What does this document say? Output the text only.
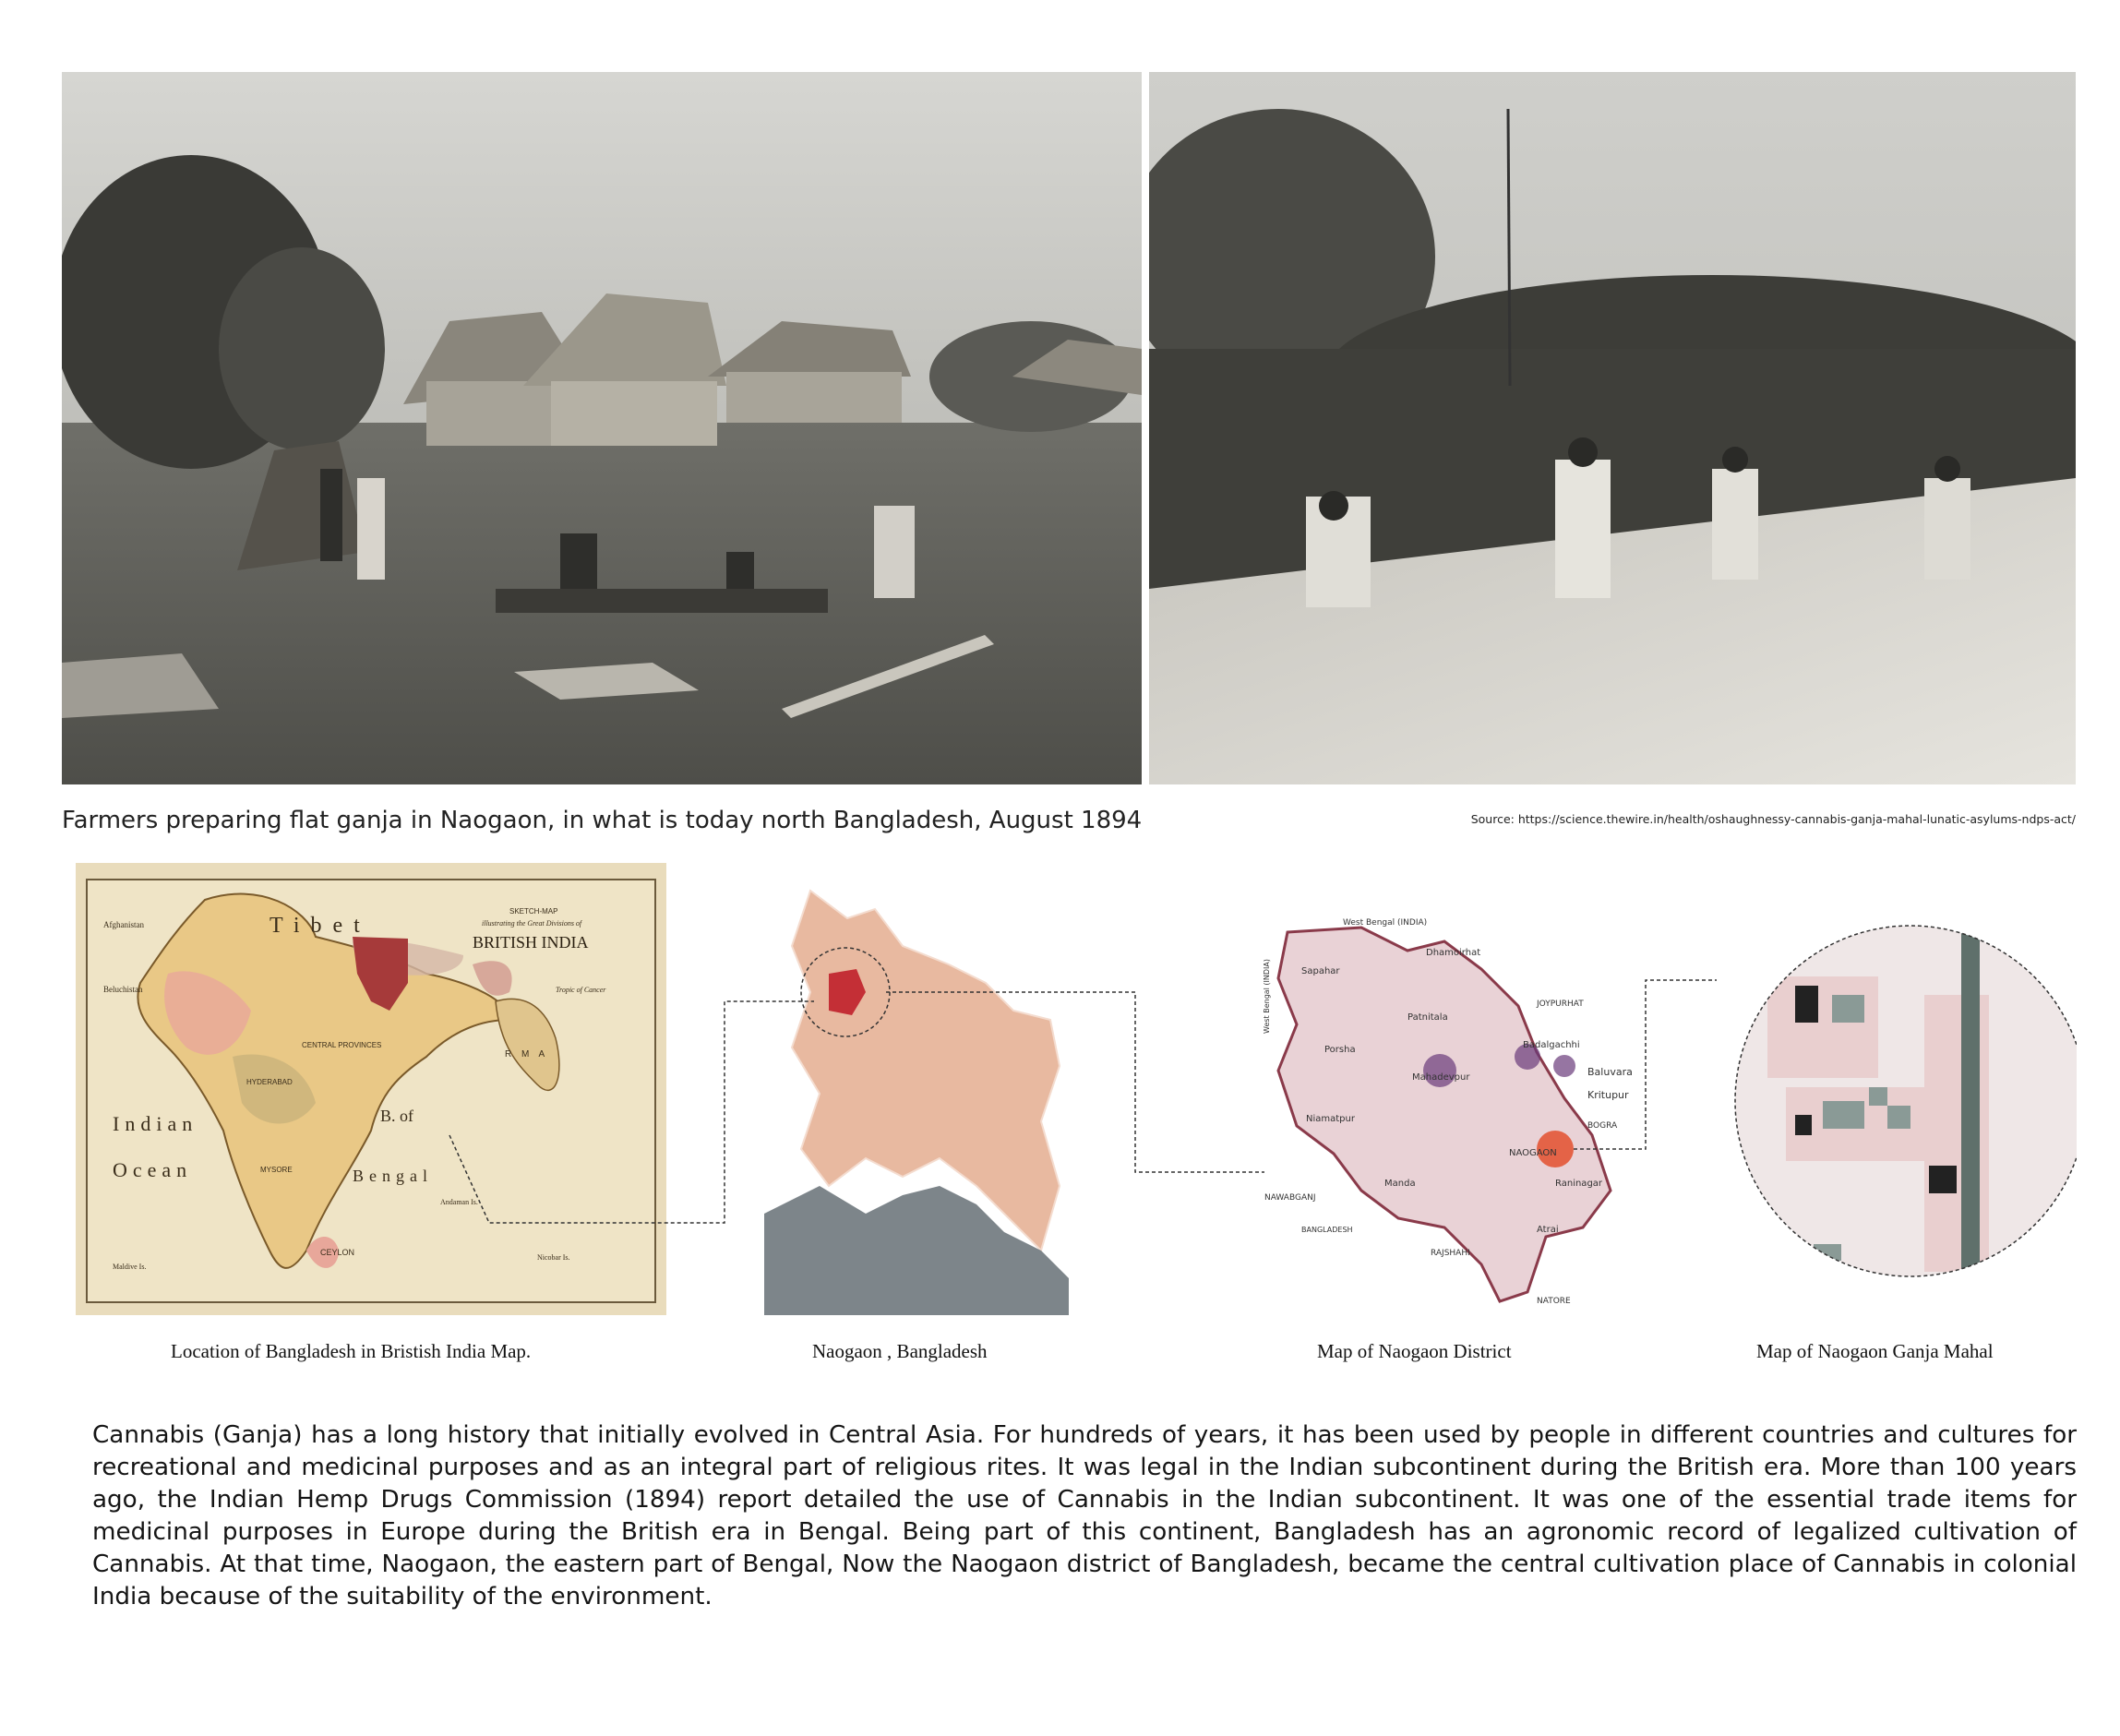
Farmers preparing flat ganja in Naogaon, in what is today north Bangladesh, August 1894	Source: https://science.thewire.in/health/oshaughnessy-cannabis-ganja-mahal-lunatic-asylums-ndps-act/
Tibet
SKETCH-MAP
illustrating the Great Divisions of
BRITISH INDIA
Indian
Ocean
B. of
Bengal
CEYLON
HYDERABAD
MYSORE
Tropic of Cancer
CENTRAL PROVINCES
Beluchistan
Afghanistan
R M A
Nicobar Is.
Maldive Is.
Andaman Is.
West Bengal (INDIA)
Sapahar
Dhamoirhat
JOYPURHAT
Patnitala
Porsha
Mahadevpur
Badalgachhi
Baluvara
Kritupur
Niamatpur
BOGRA
NAOGAON
Manda	Raninagar
NAWABGANJ
BANGLADESH
RAJSHAHI
Atrai
NATORE
West Bengal (INDIA)
Location of Bangladesh in Bristish India Map.	Naogaon , Bangladesh	Map of Naogaon District	Map of Naogaon Ganja Mahal

Cannabis (Ganja) has a long history that initially evolved in Central Asia. For hundreds of years, it has been used by people in different countries and cultures for recreational and medicinal purposes and as an integral part of religious rites. It was legal in the Indian subcontinent during the British era. More than 100 years ago, the Indian Hemp Drugs Commission (1894) report detailed the use of Cannabis in the Indian subcontinent. It was one of the essential trade items for medicinal purposes in Europe during the British era in Bengal. Being part of this continent, Bangladesh has an agronomic record of legalized cultivation of Cannabis. At that time, Naogaon, the eastern part of Bengal, Now the Naogaon district of Bangladesh, became the central cultivation place of Cannabis in colonial India because of the suitability of the environment.
